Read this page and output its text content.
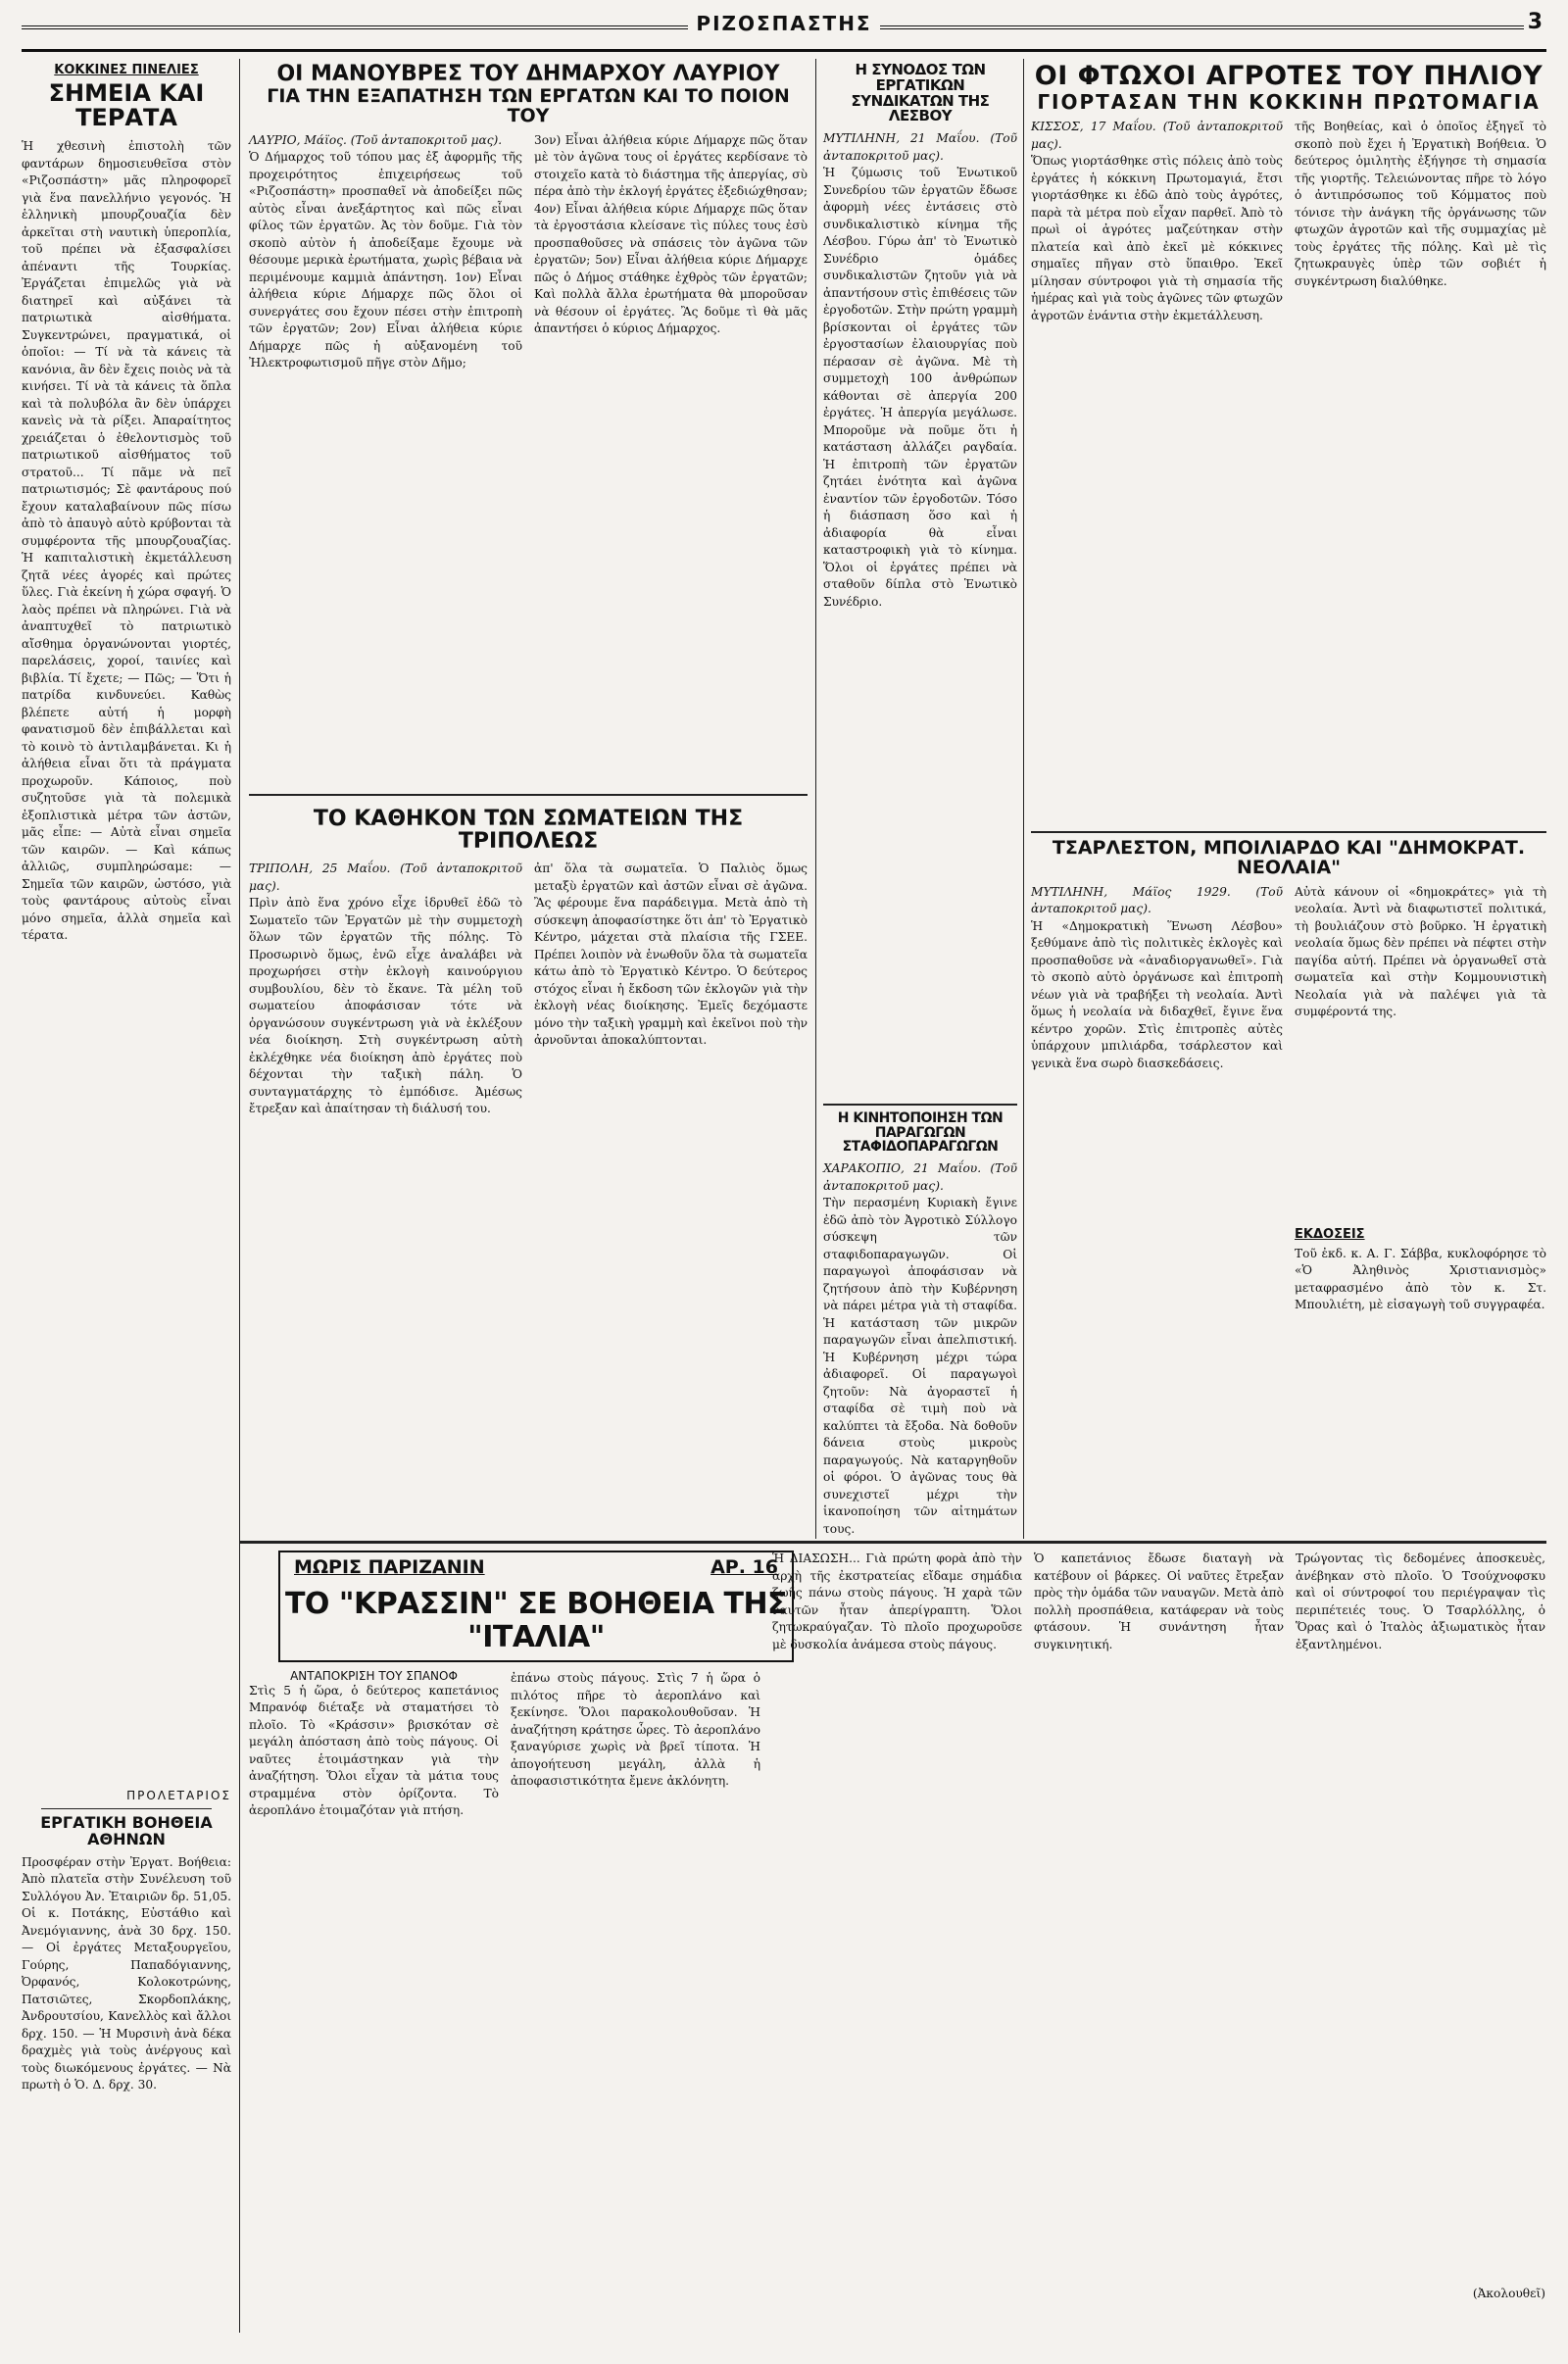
ΡΙΖΟΣΠΑΣΤΗΣ	3
ΚΟΚΚΙΝΕΣ ΠΙΝΕΛΙΕΣ
ΣΗΜΕΙΑ ΚΑΙ ΤΕΡΑΤΑ
Ἡ χθεσινὴ ἐπιστολὴ τῶν φαντάρων δημοσιευθεῖσα στὸν «Ριζοσπάστη» μᾶς πληροφορεῖ γιὰ ἕνα πανελλήνιο γεγονός. Ἡ ἑλληνικὴ μπουρζουαζία δὲν ἀρκεῖται στὴ ναυτικὴ ὑπεροπλία, τοῦ πρέπει νὰ ἐξασφαλίσει ἀπέναντι τῆς Τουρκίας. Ἐργάζεται ἐπιμελῶς γιὰ νὰ διατηρεῖ καὶ αὐξάνει τὰ πατριωτικὰ αἰσθήματα. Συγκεντρώνει, πραγματικά, οἱ ὁποῖοι: — Τί νὰ τὰ κάνεις τὰ κανόνια, ἂν δὲν ἔχεις ποιὸς νὰ τὰ κινήσει. Τί νὰ τὰ κάνεις τὰ ὅπλα καὶ τὰ πολυβόλα ἂν δὲν ὑπάρχει κανεὶς νὰ τὰ ρίξει. Ἀπαραίτητος χρειάζεται ὁ ἐθελοντισμὸς τοῦ πατριωτικοῦ αἰσθήματος τοῦ στρατοῦ... Τί πᾶμε νὰ πεῖ πατριωτισμός; Σὲ φαντάρους πού ἔχουν καταλαβαίνουν πῶς πίσω ἀπὸ τὸ ἀπαυγὸ αὐτὸ κρύβονται τὰ συμφέροντα τῆς μπουρζουαζίας. Ἡ καπιταλιστικὴ ἐκμετάλλευση ζητᾶ νέες ἀγορές καὶ πρώτες ὕλες. Γιὰ ἐκείνη ἡ χώρα σφαγή. Ὁ λαὸς πρέπει νὰ πληρώνει. Γιὰ νὰ ἀναπτυχθεῖ τὸ πατριωτικὸ αἴσθημα ὀργανώνονται γιορτές, παρελάσεις, χοροί, ταινίες καὶ βιβλία. Τί ἔχετε; — Πῶς; — Ὅτι ἡ πατρίδα κινδυνεύει. Καθὼς βλέπετε αὐτή ἡ μορφὴ φανατισμοῦ δὲν ἐπιβάλλεται καὶ τὸ κοινὸ τὸ ἀντιλαμβάνεται. Κι ἡ ἀλήθεια εἶναι ὅτι τὰ πράγματα προχωροῦν. Κάποιος, ποὺ συζητοῦσε γιὰ τὰ πολεμικὰ ἐξοπλιστικὰ μέτρα τῶν ἀστῶν, μᾶς εἶπε: — Αὐτὰ εἶναι σημεῖα τῶν καιρῶν. — Καὶ κάπως ἀλλιῶς, συμπληρώσαμε: — Σημεῖα τῶν καιρῶν, ὡστόσο, γιὰ τοὺς φαντάρους αὐτοὺς εἶναι μόνο σημεῖα, ἀλλὰ σημεῖα καὶ τέρατα.
ΠΡΟΛΕΤΑΡΙΟΣ
ΕΡΓΑΤΙΚΗ ΒΟΗΘΕΙΑ ΑΘΗΝΩΝ
Προσφέραν στὴν Ἐργατ. Βοήθεια: Ἀπὸ πλατεῖα στὴν Συνέλευση τοῦ Συλλόγου Ἀν. Ἐταιριῶν δρ. 51,05. Οἱ κ. Ποτάκης, Εὐστάθιο καὶ Ἀνεμόγιαννης, ἀνὰ 30 δρχ. 150. — Οἱ ἐργάτες Μεταξουργεῖου, Γούρης, Παπαδόγιαννης, Ὀρφανός, Κολοκοτρώνης, Πατσιῶτες, Σκορδοπλάκης, Ἀνδρουτσίου, Κανελλὸς καὶ ἄλλοι δρχ. 150. — Ἡ Μυρσινὴ ἀνὰ δέκα δραχμὲς γιὰ τοὺς ἀνέργους καὶ τοὺς διωκόμενους ἐργάτες. — Νὰ πρωτὴ ὁ Ὁ. Δ. δρχ. 30.
ΟΙ ΜΑΝΟΥΒΡΕΣ ΤΟΥ ΔΗΜΑΡΧΟΥ ΛΑΥΡΙΟΥ
ΓΙΑ ΤΗΝ ΕΞΑΠΑΤΗΣΗ ΤΩΝ ΕΡΓΑΤΩΝ ΚΑΙ ΤΟ ΠΟΙΟΝ ΤΟΥ
ΛΑΥΡΙΟ, Μάϊος. (Τοῦ ἀνταποκριτοῦ μας).
Ὁ Δήμαρχος τοῦ τόπου μας ἐξ ἀφορμῆς τῆς προχειρότητος ἐπιχειρήσεως τοῦ «Ριζοσπάστη» προσπαθεῖ νὰ ἀποδείξει πῶς αὐτὸς εἶναι ἀνεξάρτητος καὶ πῶς εἶναι φίλος τῶν ἐργατῶν. Ἀς τὸν δοῦμε. Γιὰ τὸν σκοπὸ αὐτὸν ἡ ἀποδείξαμε ἔχουμε νὰ θέσουμε μερικὰ ἐρωτήματα, χωρὶς βέβαια νὰ περιμένουμε καμμιὰ ἀπάντηση. 1ον) Εἶναι ἀλήθεια κύριε Δήμαρχε πῶς ὅλοι οἱ συνεργάτες σου ἔχουν πέσει στὴν ἐπιτροπὴ τῶν ἐργατῶν; 2ον) Εἶναι ἀλήθεια κύριε Δήμαρχε πῶς ἡ αὐξανομένη τοῦ Ἠλεκτροφωτισμοῦ πῆγε στὸν Δῆμο;
3ον) Εἶναι ἀλήθεια κύριε Δήμαρχε πῶς ὅταν μὲ τὸν ἀγῶνα τους οἱ ἐργάτες κερδίσανε τὸ στοιχεῖο κατὰ τὸ διάστημα τῆς ἀπεργίας, σὺ πέρα ἀπὸ τὴν ἐκλογή ἐργάτες ἐξεδιώχθησαν; 4ον) Εἶναι ἀλήθεια κύριε Δήμαρχε πῶς ὅταν τὰ ἐργοστάσια κλείσανε τὶς πύλες τους ἐσὺ προσπαθοῦσες νὰ σπάσεις τὸν ἀγῶνα τῶν ἐργατῶν; 5ον) Εἶναι ἀλήθεια κύριε Δήμαρχε πῶς ὁ Δήμος στάθηκε ἐχθρὸς τῶν ἐργατῶν; Καὶ πολλὰ ἄλλα ἐρωτήματα θὰ μποροῦσαν νὰ θέσουν οἱ ἐργάτες. Ἂς δοῦμε τὶ θὰ μᾶς ἀπαντήσει ὁ κύριος Δήμαρχος.
ΤΟ ΚΑΘΗΚΟΝ ΤΩΝ ΣΩΜΑΤΕΙΩΝ ΤΗΣ ΤΡΙΠΟΛΕΩΣ
ΤΡΙΠΟΛΗ, 25 Μαΐου. (Τοῦ ἀνταποκριτοῦ μας).
Πρὶν ἀπὸ ἕνα χρόνο εἶχε ἱδρυθεῖ ἐδῶ τὸ Σωματεῖο τῶν Ἐργατῶν μὲ τὴν συμμετοχὴ ὅλων τῶν ἐργατῶν τῆς πόλης. Τὸ Προσωρινὸ ὅμως, ἐνῶ εἶχε ἀναλάβει νὰ προχωρήσει στὴν ἐκλογὴ καινούργιου συμβουλίου, δὲν τὸ ἔκανε. Τὰ μέλη τοῦ σωματείου ἀποφάσισαν τότε νὰ ὀργανώσουν συγκέντρωση γιὰ νὰ ἐκλέξουν νέα διοίκηση. Στὴ συγκέντρωση αὐτὴ ἐκλέχθηκε νέα διοίκηση ἀπὸ ἐργάτες ποὺ δέχονται τὴν ταξικὴ πάλη. Ὁ συνταγματάρχης τὸ ἐμπόδισε. Ἀμέσως ἔτρεξαν καὶ ἀπαίτησαν τὴ διάλυσή του.
ἀπ' ὅλα τὰ σωματεῖα. Ὁ Παλιὸς ὅμως μεταξὺ ἐργατῶν καὶ ἀστῶν εἶναι σὲ ἀγῶνα. Ἂς φέρουμε ἕνα παράδειγμα. Μετὰ ἀπὸ τὴ σύσκεψη ἀποφασίστηκε ὅτι ἀπ' τὸ Ἐργατικὸ Κέντρο, μάχεται στὰ πλαίσια τῆς ΓΣΕΕ. Πρέπει λοιπὸν νὰ ἑνωθοῦν ὅλα τὰ σωματεῖα κάτω ἀπὸ τὸ Ἐργατικὸ Κέντρο. Ὁ δεύτερος στόχος εἶναι ἡ ἔκδοση τῶν ἐκλογῶν γιὰ τὴν ἐκλογὴ νέας διοίκησης. Ἐμεῖς δεχόμαστε μόνο τὴν ταξικὴ γραμμὴ καὶ ἐκεῖνοι ποὺ τὴν ἀρνοῦνται ἀποκαλύπτονται.
Η ΣΥΝΟΔΟΣ ΤΩΝ ΕΡΓΑΤΙΚΩΝ ΣΥΝΔΙΚΑΤΩΝ ΤΗΣ ΛΕΣΒΟΥ
ΜΥΤΙΛΗΝΗ, 21 Μαΐου. (Τοῦ ἀνταποκριτοῦ μας).
Ἡ ζύμωσις τοῦ Ἑνωτικοῦ Συνεδρίου τῶν ἐργατῶν ἔδωσε ἀφορμὴ νέες ἐντάσεις στὸ συνδικαλιστικὸ κίνημα τῆς Λέσβου. Γύρω ἀπ' τὸ Ἑνωτικὸ Συνέδριο ὁμάδες συνδικαλιστῶν ζητοῦν γιὰ νὰ ἀπαντήσουν στὶς ἐπιθέσεις τῶν ἐργοδοτῶν. Στὴν πρώτη γραμμὴ βρίσκονται οἱ ἐργάτες τῶν ἐργοστασίων ἐλαιουργίας ποὺ πέρασαν σὲ ἀγῶνα. Μὲ τὴ συμμετοχὴ 100 ἀνθρώπων κάθονται σὲ ἀπεργία 200 ἐργάτες. Ἡ ἀπεργία μεγάλωσε. Μποροῦμε νὰ ποῦμε ὅτι ἡ κατάσταση ἀλλάζει ραγδαία. Ἡ ἐπιτροπὴ τῶν ἐργατῶν ζητάει ἑνότητα καὶ ἀγῶνα ἐναντίον τῶν ἐργοδοτῶν. Τόσο ἡ διάσπαση ὅσο καὶ ἡ ἀδιαφορία θὰ εἶναι καταστροφικὴ γιὰ τὸ κίνημα. Ὅλοι οἱ ἐργάτες πρέπει νὰ σταθοῦν δίπλα στὸ Ἑνωτικὸ Συνέδριο.
Η ΚΙΝΗΤΟΠΟΙΗΣΗ ΤΩΝ ΠΑΡΑΓΩΓΩΝ ΣΤΑΦΙΔΟΠΑΡΑΓΩΓΩΝ
ΧΑΡΑΚΟΠΙΟ, 21 Μαΐου. (Τοῦ ἀνταποκριτοῦ μας).
Τὴν περασμένη Κυριακὴ ἔγινε ἐδῶ ἀπὸ τὸν Ἀγροτικὸ Σύλλογο σύσκεψη τῶν σταφιδοπαραγωγῶν. Οἱ παραγωγοὶ ἀποφάσισαν νὰ ζητήσουν ἀπὸ τὴν Κυβέρνηση νὰ πάρει μέτρα γιὰ τὴ σταφίδα. Ἡ κατάσταση τῶν μικρῶν παραγωγῶν εἶναι ἀπελπιστική. Ἡ Κυβέρνηση μέχρι τώρα ἀδιαφορεῖ. Οἱ παραγωγοὶ ζητοῦν: Νὰ ἀγοραστεῖ ἡ σταφίδα σὲ τιμὴ ποὺ νὰ καλύπτει τὰ ἔξοδα. Νὰ δοθοῦν δάνεια στοὺς μικροὺς παραγωγούς. Νὰ καταργηθοῦν οἱ φόροι. Ὁ ἀγῶνας τους θὰ συνεχιστεῖ μέχρι τὴν ἱκανοποίηση τῶν αἰτημάτων τους.
ΟΙ ΦΤΩΧΟΙ ΑΓΡΟΤΕΣ ΤΟΥ ΠΗΛΙΟΥ
ΓΙΟΡΤΑΣΑΝ ΤΗΝ ΚΟΚΚΙΝΗ ΠΡΩΤΟΜΑΓΙΑ
ΚΙΣΣΟΣ, 17 Μαΐου. (Τοῦ ἀνταποκριτοῦ μας).
Ὅπως γιορτάσθηκε στὶς πόλεις ἀπὸ τοὺς ἐργάτες ἡ κόκκινη Πρωτομαγιά, ἔτσι γιορτάσθηκε κι ἐδῶ ἀπὸ τοὺς ἀγρότες, παρὰ τὰ μέτρα ποὺ εἶχαν παρθεῖ. Ἀπὸ τὸ πρωὶ οἱ ἀγρότες μαζεύτηκαν στὴν πλατεία καὶ ἀπὸ ἐκεῖ μὲ κόκκινες σημαῖες πῆγαν στὸ ὕπαιθρο. Ἐκεῖ μίλησαν σύντροφοι γιὰ τὴ σημασία τῆς ἡμέρας καὶ γιὰ τοὺς ἀγῶνες τῶν φτωχῶν ἀγροτῶν ἐνάντια στὴν ἐκμετάλλευση.
τῆς Βοηθείας, καὶ ὁ ὁποῖος ἐξηγεῖ τὸ σκοπὸ ποὺ ἔχει ἡ Ἐργατικὴ Βοήθεια. Ὁ δεύτερος ὁμιλητὴς ἐξήγησε τὴ σημασία τῆς γιορτῆς. Τελειώνοντας πῆρε τὸ λόγο ὁ ἀντιπρόσωπος τοῦ Κόμματος ποὺ τόνισε τὴν ἀνάγκη τῆς ὀργάνωσης τῶν φτωχῶν ἀγροτῶν καὶ τῆς συμμαχίας μὲ τοὺς ἐργάτες τῆς πόλης. Καὶ μὲ τὶς ζητωκραυγὲς ὑπὲρ τῶν σοβιέτ ἡ συγκέντρωση διαλύθηκε.
ΤΣΑΡΛΕΣΤΟΝ, ΜΠΟΙΛΙΑΡΔΟ ΚΑΙ "ΔΗΜΟΚΡΑΤ. ΝΕΟΛΑΙΑ"
ΜΥΤΙΛΗΝΗ, Μάϊος 1929. (Τοῦ ἀνταποκριτοῦ μας).
Ἡ «Δημοκρατικὴ Ἕνωση Λέσβου» ξεθύμανε ἀπὸ τὶς πολιτικὲς ἐκλογὲς καὶ προσπαθοῦσε νὰ «ἀναδιοργανωθεῖ». Γιὰ τὸ σκοπὸ αὐτὸ ὀργάνωσε καὶ ἐπιτροπὴ νέων γιὰ νὰ τραβήξει τὴ νεολαία. Ἀντὶ ὅμως ἡ νεολαία νὰ διδαχθεῖ, ἔγινε ἕνα κέντρο χορῶν. Στὶς ἐπιτροπὲς αὐτὲς ὑπάρχουν μπιλιάρδα, τσάρλεστον καὶ γενικὰ ἕνα σωρὸ διασκεδάσεις.
Αὐτὰ κάνουν οἱ «δημοκράτες» γιὰ τὴ νεολαία. Ἀντὶ νὰ διαφωτιστεῖ πολιτικά, τὴ βουλιάζουν στὸ βοῦρκο. Ἡ ἐργατικὴ νεολαία ὅμως δὲν πρέπει νὰ πέφτει στὴν παγίδα αὐτή. Πρέπει νὰ ὀργανωθεῖ στὰ σωματεῖα καὶ στὴν Κομμουνιστικὴ Νεολαία γιὰ νὰ παλέψει γιὰ τὰ συμφέροντά της.
ΕΚΔΟΣΕΙΣ
Τοῦ ἐκδ. κ. Α. Γ. Σάββα, κυκλοφόρησε τὸ «Ὁ Ἀληθινὸς Χριστιανισμὸς» μεταφρασμένο ἀπὸ τὸν κ. Στ. Μπουλιέτη, μὲ εἰσαγωγὴ τοῦ συγγραφέα.
ΜΩΡΙΣ ΠΑΡΙΖΑΝΙΝ	ΑΡ. 16
ΤΟ "ΚΡΑΣΣΙΝ" ΣΕ ΒΟΗΘΕΙΑ ΤΗΣ "ΙΤΑΛΙΑ"
ΑΝΤΑΠΟΚΡΙΣΗ ΤΟΥ ΣΠΑΝΟΦ
Στὶς 5 ἡ ὥρα, ὁ δεύτερος καπετάνιος Μπρανόφ διέταξε νὰ σταματήσει τὸ πλοῖο. Τὸ «Κράσσιν» βρισκόταν σὲ μεγάλη ἀπόσταση ἀπὸ τοὺς πάγους. Οἱ ναῦτες ἑτοιμάστηκαν γιὰ τὴν ἀναζήτηση. Ὅλοι εἶχαν τὰ μάτια τους στραμμένα στὸν ὁρίζοντα. Τὸ ἀεροπλάνο ἑτοιμαζόταν γιὰ πτήση.
ἐπάνω στοὺς πάγους. Στὶς 7 ἡ ὥρα ὁ πιλότος πῆρε τὸ ἀεροπλάνο καὶ ξεκίνησε. Ὅλοι παρακολουθοῦσαν. Ἡ ἀναζήτηση κράτησε ὧρες. Τὸ ἀεροπλάνο ξαναγύρισε χωρὶς νὰ βρεῖ τίποτα. Ἡ ἀπογοήτευση μεγάλη, ἀλλὰ ἡ ἀποφασιστικότητα ἔμενε ἀκλόνητη.
Ἡ ΔΙΑΣΩΣΗ... Γιὰ πρώτη φορὰ ἀπὸ τὴν ἀρχὴ τῆς ἐκστρατείας εἴδαμε σημάδια ζωῆς πάνω στοὺς πάγους. Ἡ χαρὰ τῶν ναυτῶν ἦταν ἀπερίγραπτη. Ὅλοι ζητωκραύγαζαν. Τὸ πλοῖο προχωροῦσε μὲ δυσκολία ἀνάμεσα στοὺς πάγους.
Ὁ καπετάνιος ἔδωσε διαταγὴ νὰ κατέβουν οἱ βάρκες. Οἱ ναῦτες ἔτρεξαν πρὸς τὴν ὁμάδα τῶν ναυαγῶν. Μετὰ ἀπὸ πολλὴ προσπάθεια, κατάφεραν νὰ τοὺς φτάσουν. Ἡ συνάντηση ἦταν συγκινητική.
Τρώγοντας τὶς δεδομένες ἀποσκευὲς, ἀνέβηκαν στὸ πλοῖο. Ὁ Τσούχνοφσκυ καὶ οἱ σύντροφοί του περιέγραψαν τὶς περιπέτειές τους. Ὁ Τσαρλόλλης, ὁ Ὅρας καὶ ὁ Ἰταλὸς ἀξιωματικὸς ἦταν ἐξαντλημένοι.
(Ἀκολουθεῖ)
